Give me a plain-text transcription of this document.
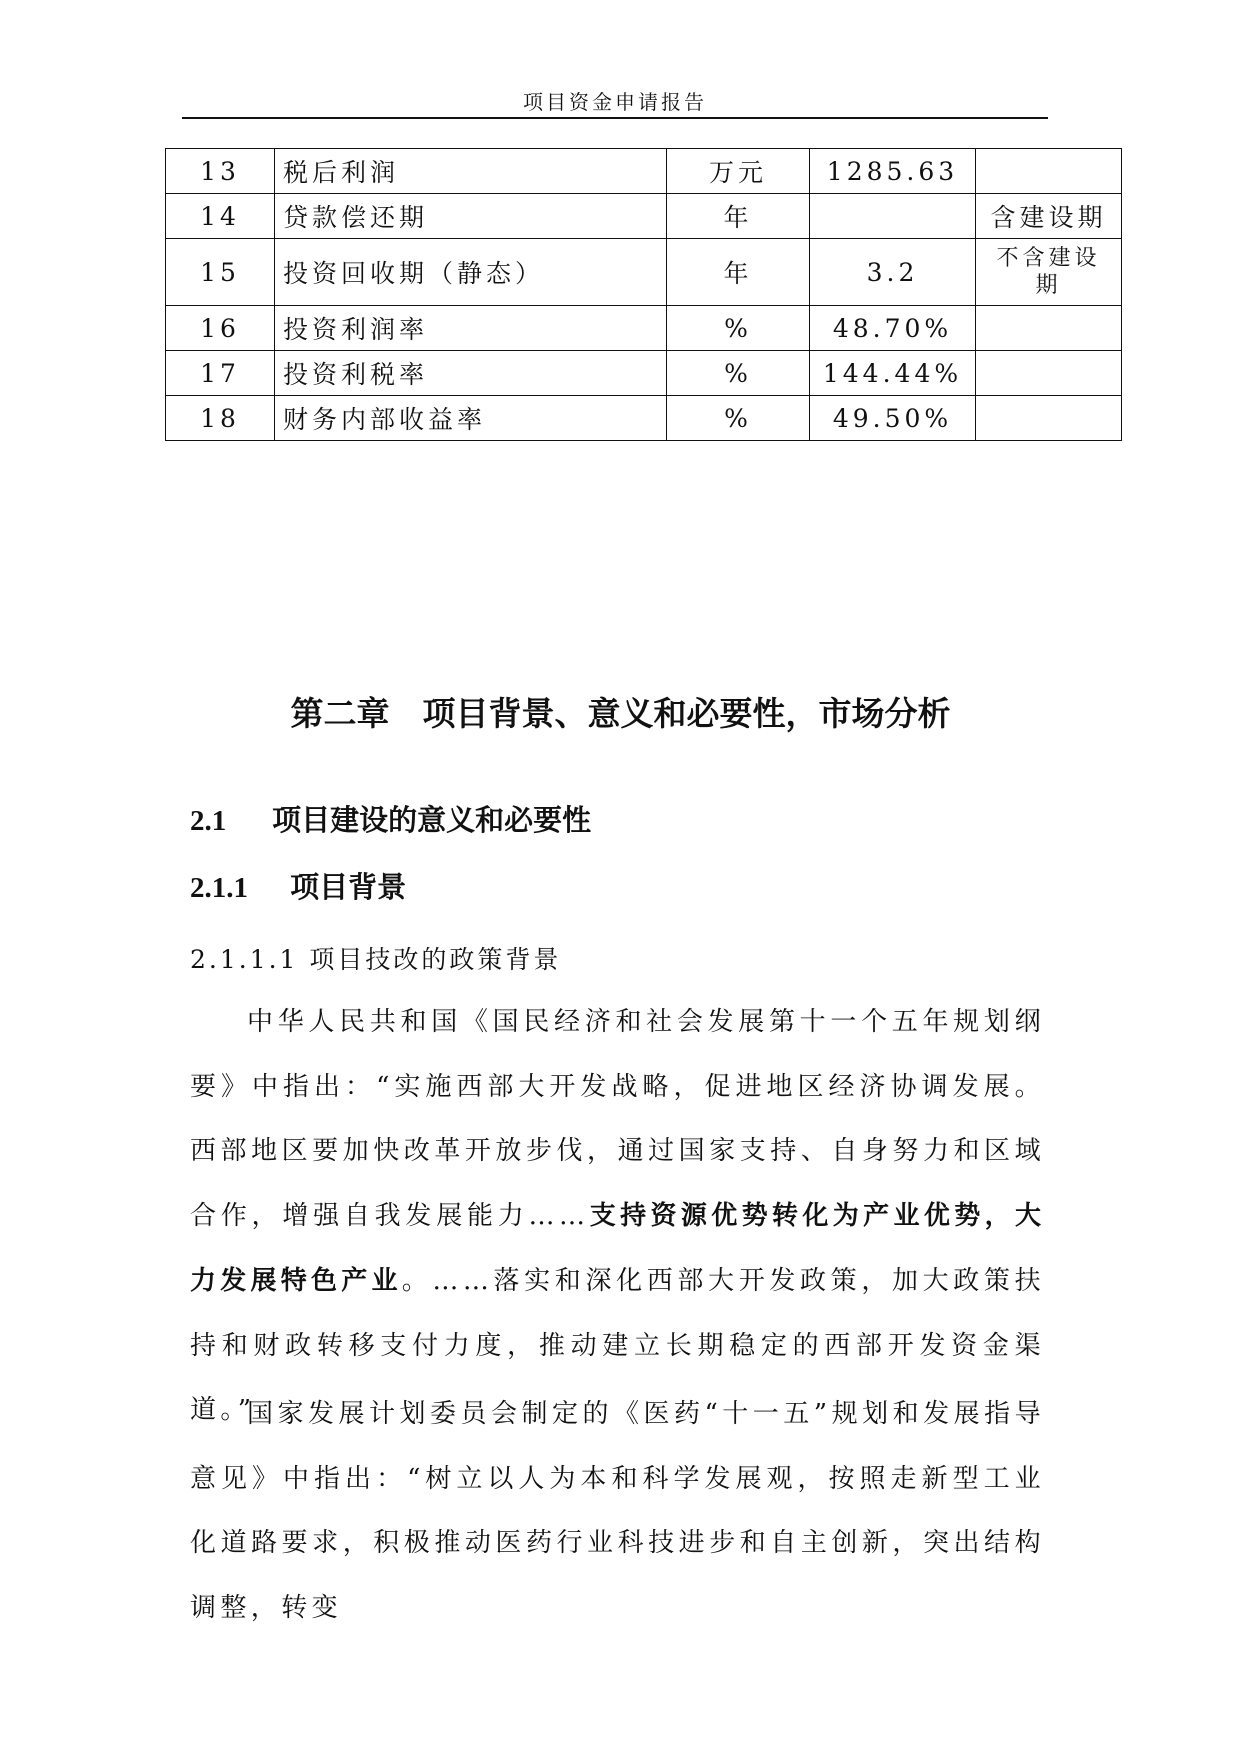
项目资金申请报告
13	税后利润	万元	1285.63	
14	贷款偿还期	年		含建设期
15	投资回收期（静态）	年	3.2	不含建设期
16	投资利润率	%	48.70%	
17	投资利税率	%	144.44%	
18	财务内部收益率	%	49.50%	
第二章　项目背景、意义和必要性，市场分析
2.1 项目建设的意义和必要性
2.1.1 项目背景
2.1.1.1 项目技改的政策背景
中华人民共和国《国民经济和社会发展第十一个五年规划纲要》中指出：“实施西部大开发战略，促进地区经济协调发展。西部地区要加快改革开放步伐，通过国家支持、自身努力和区域合作，增强自我发展能力……支持资源优势转化为产业优势，大力发展特色产业。……落实和深化西部大开发政策，加大政策扶持和财政转移支付力度，推动建立长期稳定的西部开发资金渠道。”
国家发展计划委员会制定的《医药“十一五”规划和发展指导意见》中指出：“树立以人为本和科学发展观，按照走新型工业化道路要求，积极推动医药行业科技进步和自主创新，突出结构调整，转变
